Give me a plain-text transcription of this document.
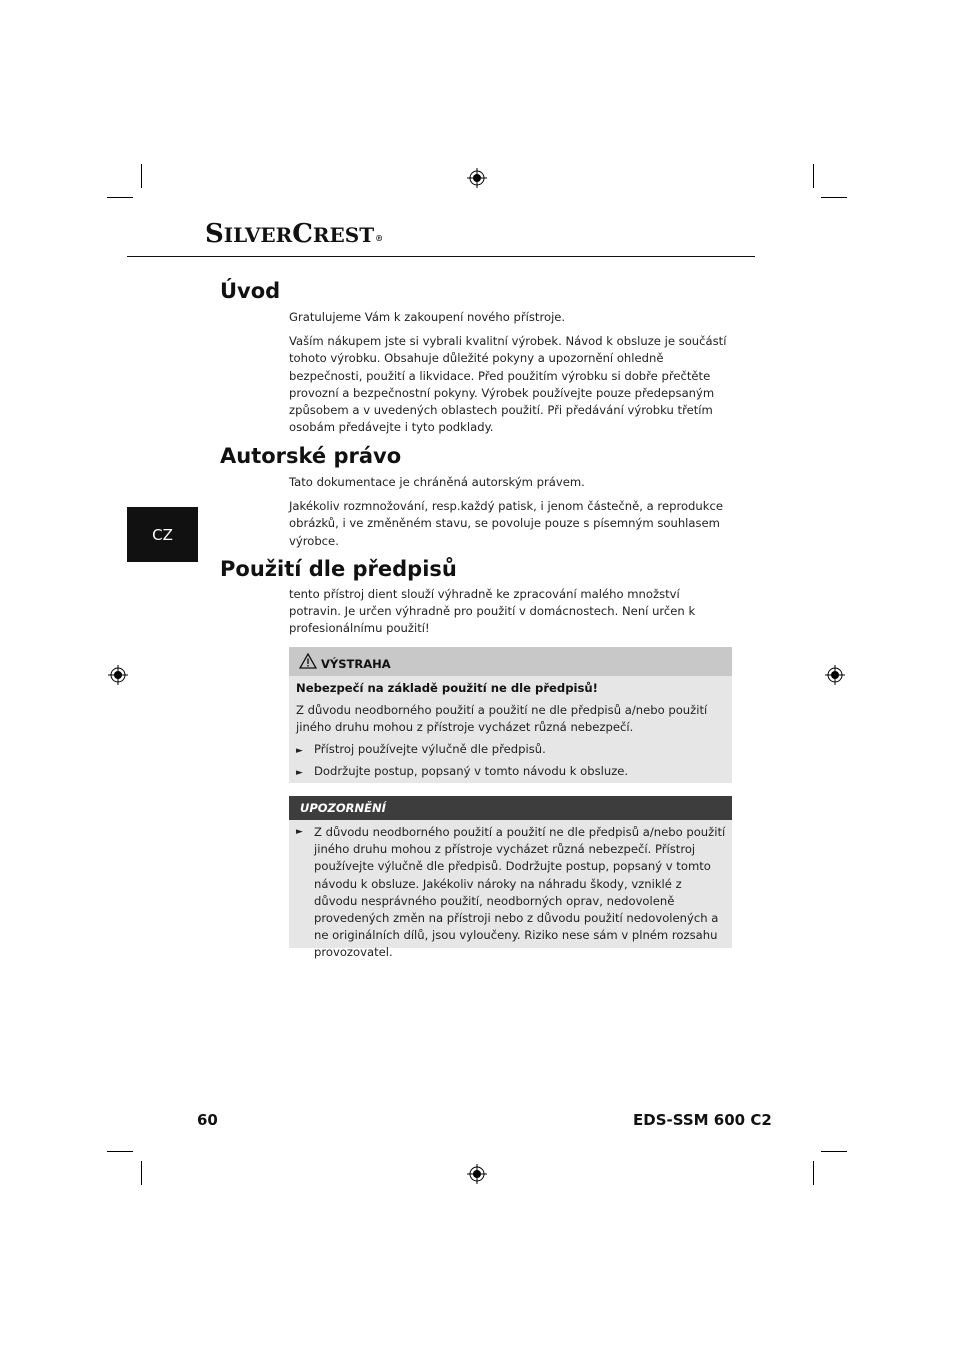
SILVERCREST®
CZ
Úvod

Gratulujeme Vám k zakoupení nového přístroje.

Vaším nákupem jste si vybrali kvalitní výrobek. Návod k obsluze je součástí tohoto výrobku. Obsahuje důležité pokyny a upozornění ohledně bezpečnosti, použití a likvidace. Před použitím výrobku si dobře přečtěte provozní a bezpečnostní pokyny. Výrobek používejte pouze předepsaným způsobem a v uvedených oblastech použití. Při předávání výrobku třetím osobám předávejte i tyto podklady.

Autorské právo

Tato dokumentace je chráněná autorským právem.

Jakékoliv rozmnožování, resp.každý patisk, i jenom částečně, a reprodukce obrázků, i ve změněném stavu, se povoluje pouze s písemným souhlasem výrobce.

Použití dle předpisů

tento přístroj dient slouží výhradně ke zpracování malého množství potravin. Je určen výhradně pro použití v domácnostech. Není určen k profesionálnímu použití!

VÝSTRAHA
Nebezpečí na základě použití ne dle předpisů!
Z důvodu neodborného použití a použití ne dle předpisů a/nebo použití jiného druhu mohou z přístroje vycházet různá nebezpečí.
► Přístroj používejte výlučně dle předpisů.
► Dodržujte postup, popsaný v tomto návodu k obsluze.
UPOZORNĚNÍ
► Z důvodu neodborného použití a použití ne dle předpisů a/nebo použití jiného druhu mohou z přístroje vycházet různá nebezpečí. Přístroj používejte výlučně dle předpisů. Dodržujte postup, popsaný v tomto návodu k obsluze. Jakékoliv nároky na náhradu škody, vzniklé z důvodu nesprávného použití, neodborných oprav, nedovoleně provedených změn na přístroji nebo z důvodu použití nedovolených a ne originálních dílů, jsou vyloučeny. Riziko nese sám v plném rozsahu provozovatel.
60	EDS-SSM 600 C2
